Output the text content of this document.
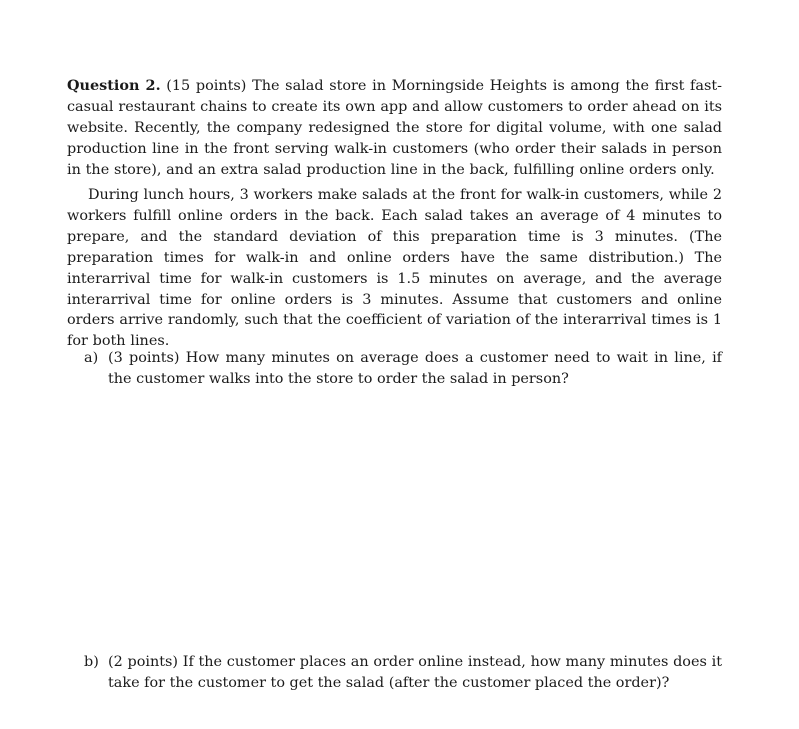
Question 2. (15 points) The salad store in Morningside Heights is among the first fast-casual restaurant chains to create its own app and allow customers to order ahead on its website. Recently, the company redesigned the store for digital volume, with one salad production line in the front serving walk-in customers (who order their salads in person in the store), and an extra salad production line in the back, fulfilling online orders only.

During lunch hours, 3 workers make salads at the front for walk-in customers, while 2 workers fulfill online orders in the back. Each salad takes an average of 4 minutes to prepare, and the standard deviation of this preparation time is 3 minutes. (The preparation times for walk-in and online orders have the same distribution.) The interarrival time for walk-in customers is 1.5 minutes on average, and the average interarrival time for online orders is 3 minutes. Assume that customers and online orders arrive randomly, such that the coefficient of variation of the interarrival times is 1 for both lines.

a) (3 points) How many minutes on average does a customer need to wait in line, if the customer walks into the store to order the salad in person?
b) (2 points) If the customer places an order online instead, how many minutes does it take for the customer to get the salad (after the customer placed the order)?
